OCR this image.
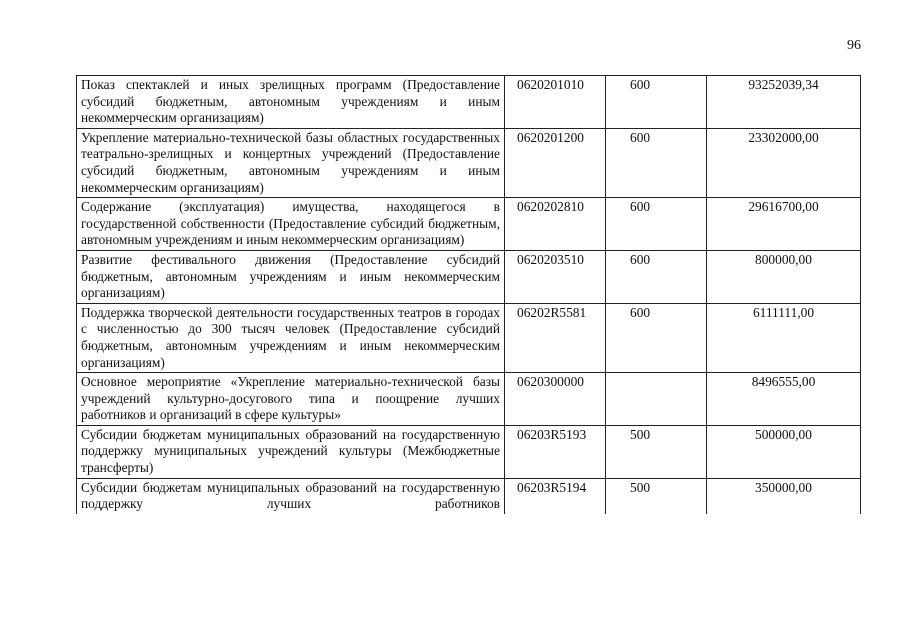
96
Показ спектаклей и иных зрелищных программ (Предоставление субсидий бюджетным, автономным учреждениям и иным некоммерческим организациям)	0620201010	600	93252039,34
Укрепление материально-технической базы областных государственных театрально-зрелищных и концертных учреждений (Предоставление субсидий бюджетным, автономным учреждениям и иным некоммерческим организациям)	0620201200	600	23302000,00
Содержание (эксплуатация) имущества, находящегося в государственной собственности (Предоставление субсидий бюджетным, автономным учреждениям и иным некоммерческим организациям)	0620202810	600	29616700,00
Развитие фестивального движения (Предоставление субсидий бюджетным, автономным учреждениям и иным некоммерческим организациям)	0620203510	600	800000,00
Поддержка творческой деятельности государственных театров в городах с численностью до 300 тысяч человек (Предоставление субсидий бюджетным, автономным учреждениям и иным некоммерческим организациям)	06202R5581	600	6111111,00
Основное мероприятие «Укрепление материально-технической базы учреждений культурно-досугового типа и поощрение лучших работников и организаций в сфере культуры»	0620300000		8496555,00
Субсидии бюджетам муниципальных образований на государственную поддержку муниципальных учреждений культуры (Межбюджетные трансферты)	06203R5193	500	500000,00
Субсидии бюджетам муниципальных образований на государственную поддержку лучших работников	06203R5194	500	350000,00
